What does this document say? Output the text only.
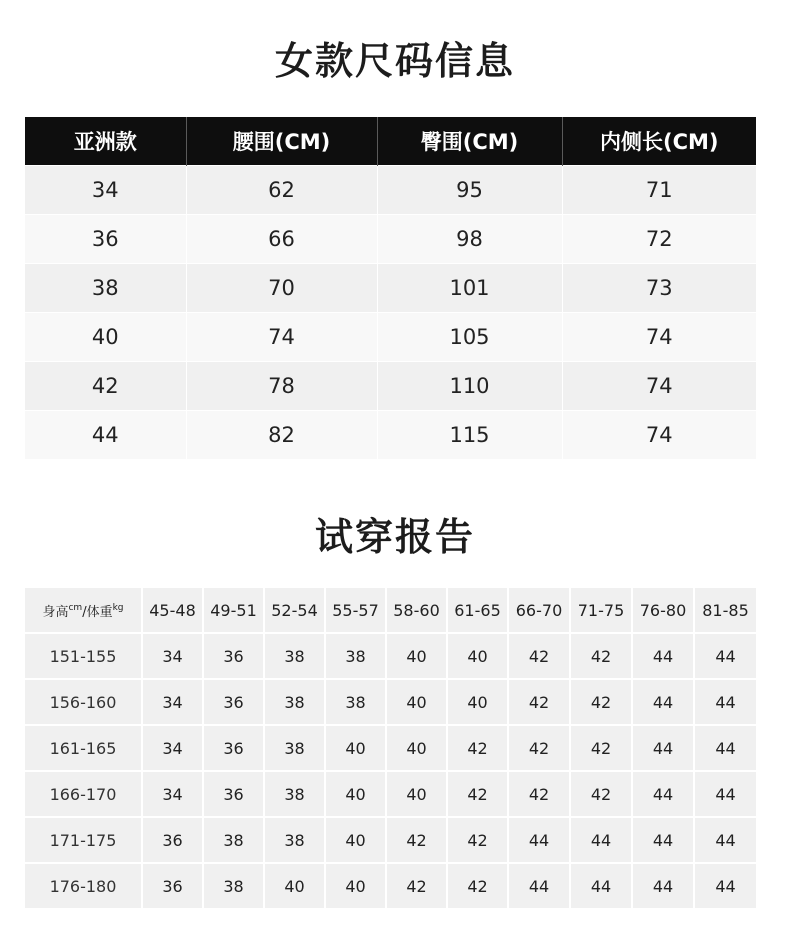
女款尺码信息
亚洲款	腰围(CM)	臀围(CM)	内侧长(CM)
34	62	95	71
36	66	98	72
38	70	101	73
40	74	105	74
42	78	110	74
44	82	115	74
试穿报告
身高$^{cm}$/体重$^{kg}$	45-48	49-51	52-54	55-57	58-60	61-65	66-70	71-75	76-80	81-85
151-155	34	36	38	38	40	40	42	42	44	44
156-160	34	36	38	38	40	40	42	42	44	44
161-165	34	36	38	40	40	42	42	42	44	44
166-170	34	36	38	40	40	42	42	42	44	44
171-175	36	38	38	40	42	42	44	44	44	44
176-180	36	38	40	40	42	42	44	44	44	44
